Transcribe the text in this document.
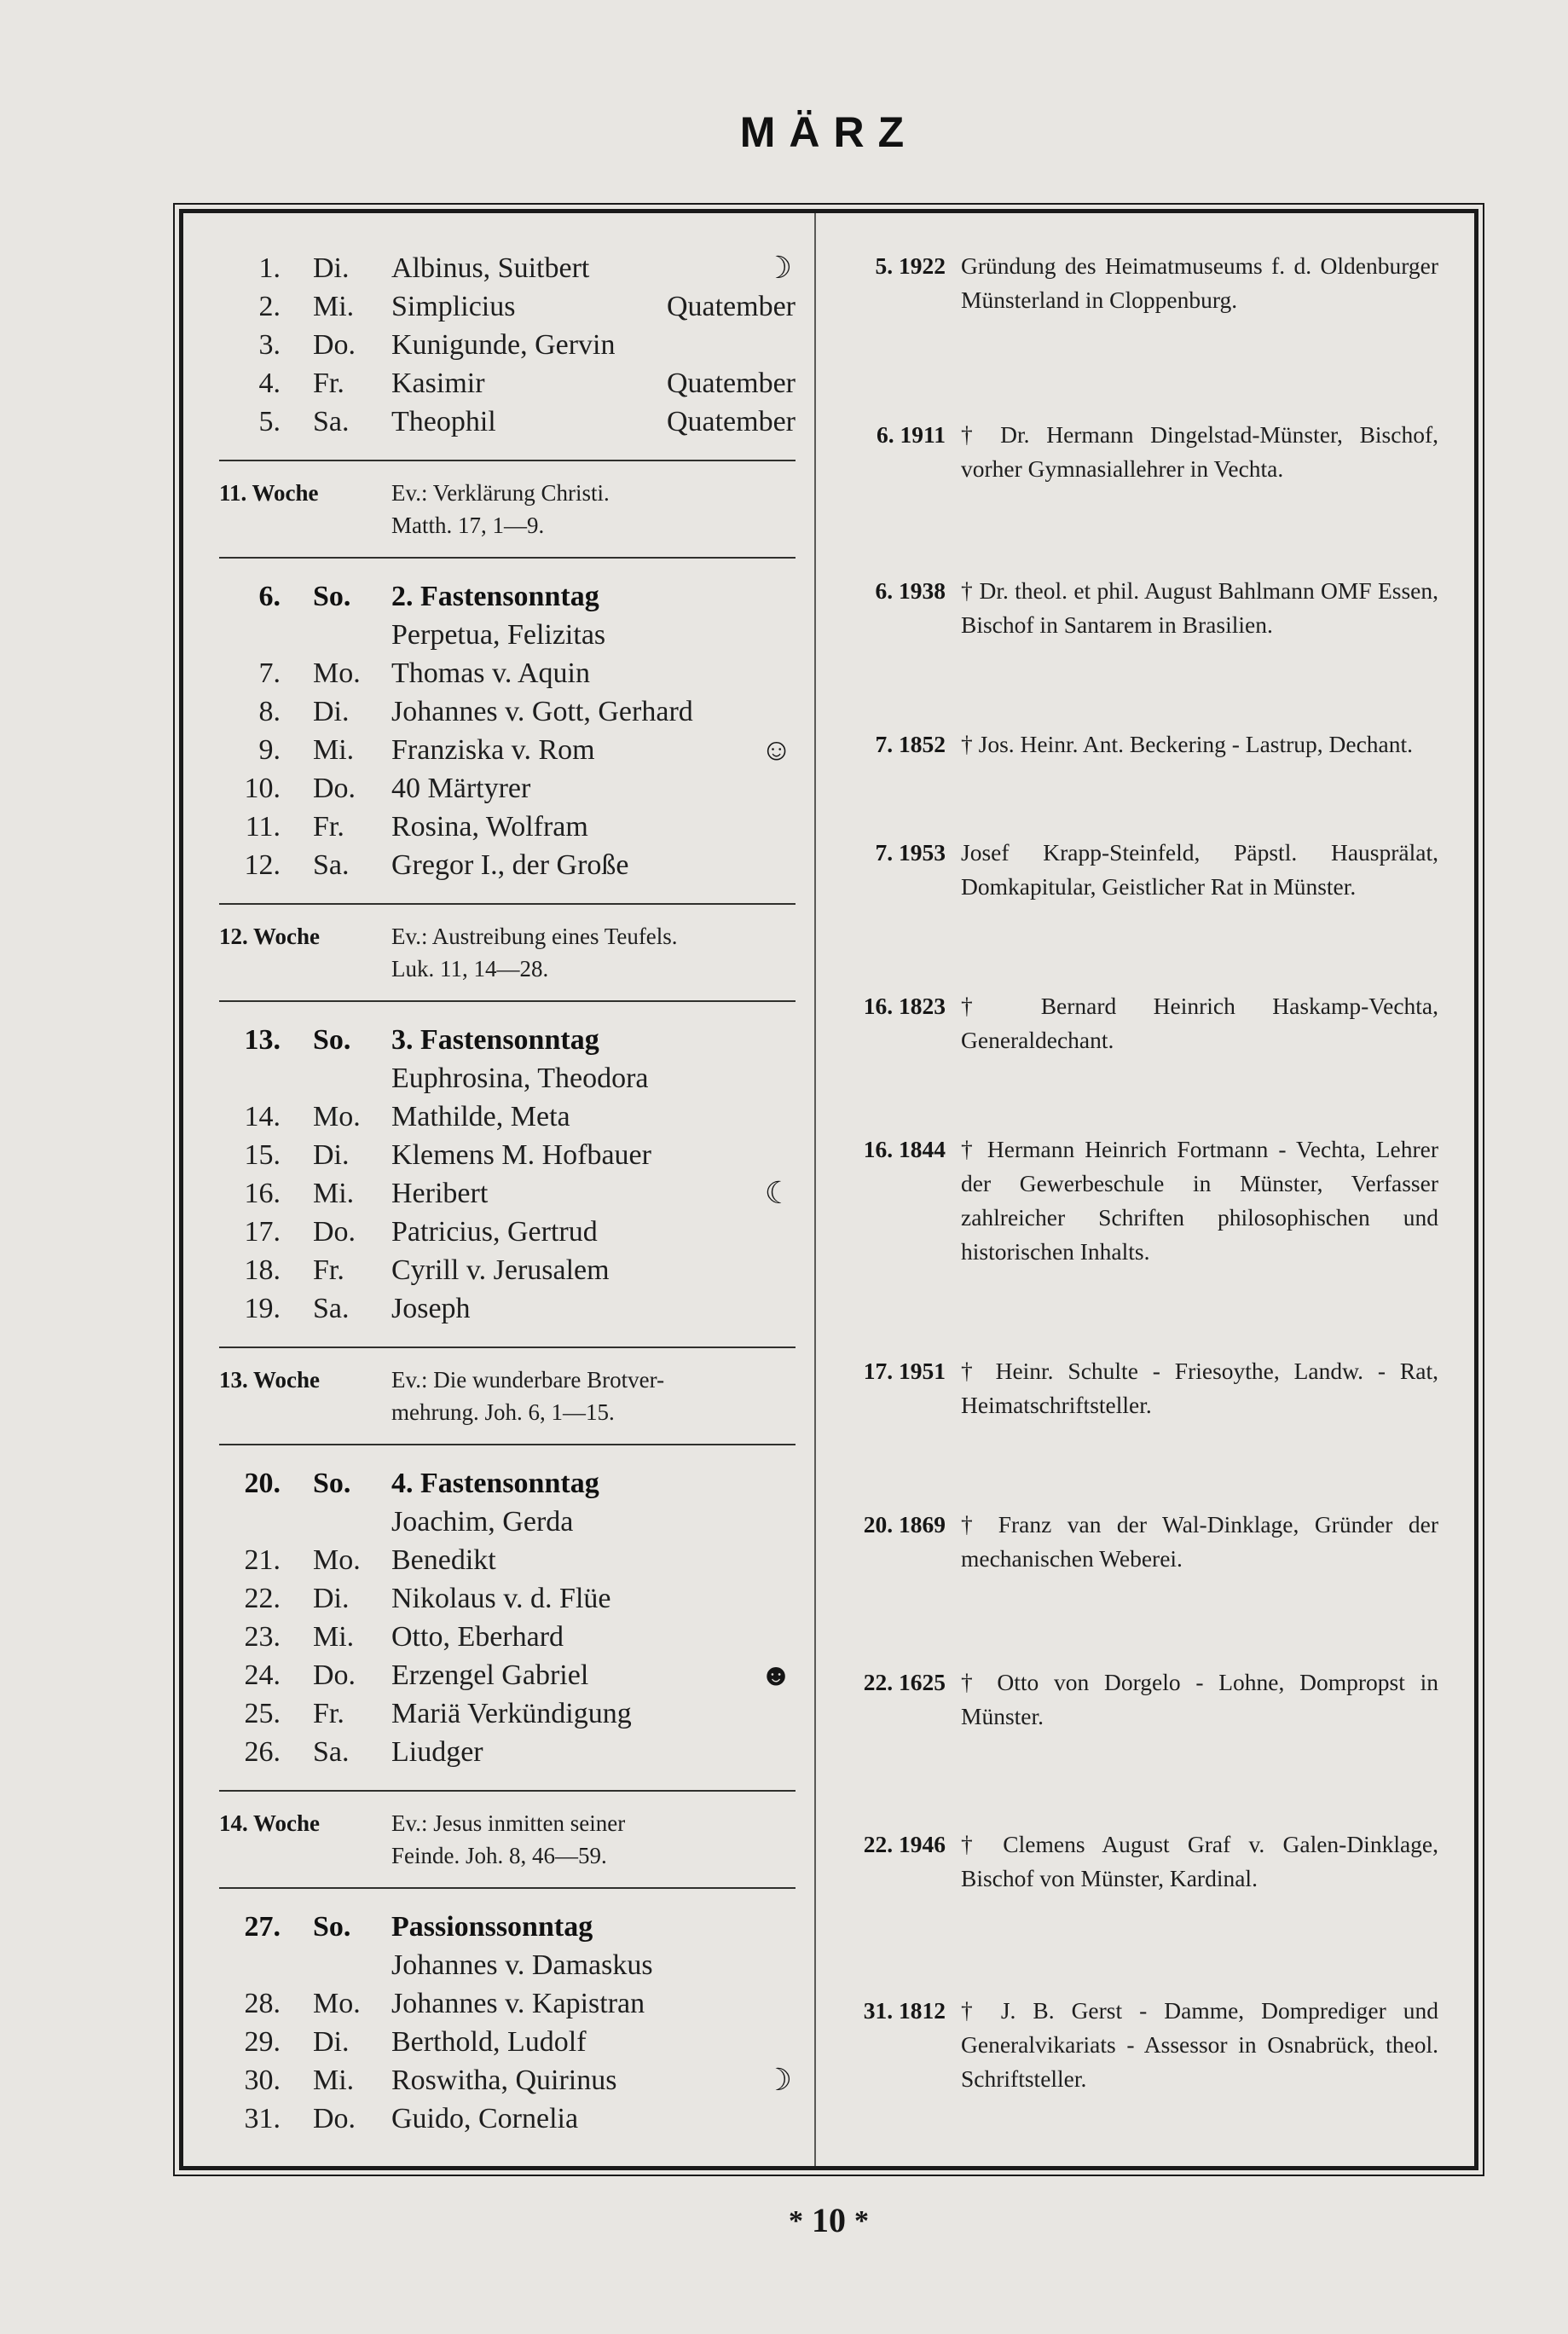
MÄRZ
1. Di.	Albinus, Suitbert	☽
2. Mi.	Simplicius	Quatember
3. Do.	Kunigunde, Gervin
4. Fr.	Kasimir	Quatember
5. Sa.	Theophil	Quatember
11. Woche	Ev.: Verklärung Christi.
Matth. 17, 1—9.
6. So.	2. Fastensonntag
Perpetua, Felizitas
7. Mo.	Thomas v. Aquin
8. Di.	Johannes v. Gott, Gerhard
9. Mi.	Franziska v. Rom	☺
10. Do.	40 Märtyrer
11. Fr.	Rosina, Wolfram
12. Sa.	Gregor I., der Große
12. Woche	Ev.: Austreibung eines Teufels.
Luk. 11, 14—28.
13. So.	3. Fastensonntag
Euphrosina, Theodora
14. Mo.	Mathilde, Meta
15. Di.	Klemens M. Hofbauer
16. Mi.	Heribert	☾
17. Do.	Patricius, Gertrud
18. Fr.	Cyrill v. Jerusalem
19. Sa.	Joseph
13. Woche	Ev.: Die wunderbare Brotver-
mehrung. Joh. 6, 1—15.
20. So.	4. Fastensonntag
Joachim, Gerda
21. Mo.	Benedikt
22. Di.	Nikolaus v. d. Flüe
23. Mi.	Otto, Eberhard
24. Do.	Erzengel Gabriel	☻
25. Fr.	Mariä Verkündigung
26. Sa.	Liudger
14. Woche	Ev.: Jesus inmitten seiner
Feinde. Joh. 8, 46—59.
27. So.	Passionssonntag
Johannes v. Damaskus
28. Mo.	Johannes v. Kapistran
29. Di.	Berthold, Ludolf
30. Mi.	Roswitha, Quirinus	☽
31. Do.	Guido, Cornelia
5. 1922 Gründung des Heimatmuseums f. d. Oldenburger Münsterland in Cloppenburg.
6. 1911 † Dr. Hermann Dingelstad-Münster, Bischof, vorher Gymnasiallehrer in Vechta.
6. 1938 † Dr. theol. et phil. August Bahlmann OMF Essen, Bischof in Santarem in Brasilien.
7. 1852 † Jos. Heinr. Ant. Beckering - Lastrup, Dechant.
7. 1953 Josef Krapp-Steinfeld, Päpstl. Hausprälat, Domkapitular, Geistlicher Rat in Münster.
16. 1823 † Bernard Heinrich Haskamp-Vechta, Generaldechant.
16. 1844 † Hermann Heinrich Fortmann - Vechta, Lehrer der Gewerbeschule in Münster, Verfasser zahlreicher Schriften philosophischen und historischen Inhalts.
17. 1951 † Heinr. Schulte - Friesoythe, Landw. - Rat, Heimatschriftsteller.
20. 1869 † Franz van der Wal-Dinklage, Gründer der mechanischen Weberei.
22. 1625 † Otto von Dorgelo - Lohne, Dompropst in Münster.
22. 1946 † Clemens August Graf v. Galen-Dinklage, Bischof von Münster, Kardinal.
31. 1812 † J. B. Gerst - Damme, Domprediger und Generalvikariats - Assessor in Osnabrück, theol. Schriftsteller.
* 10 *
